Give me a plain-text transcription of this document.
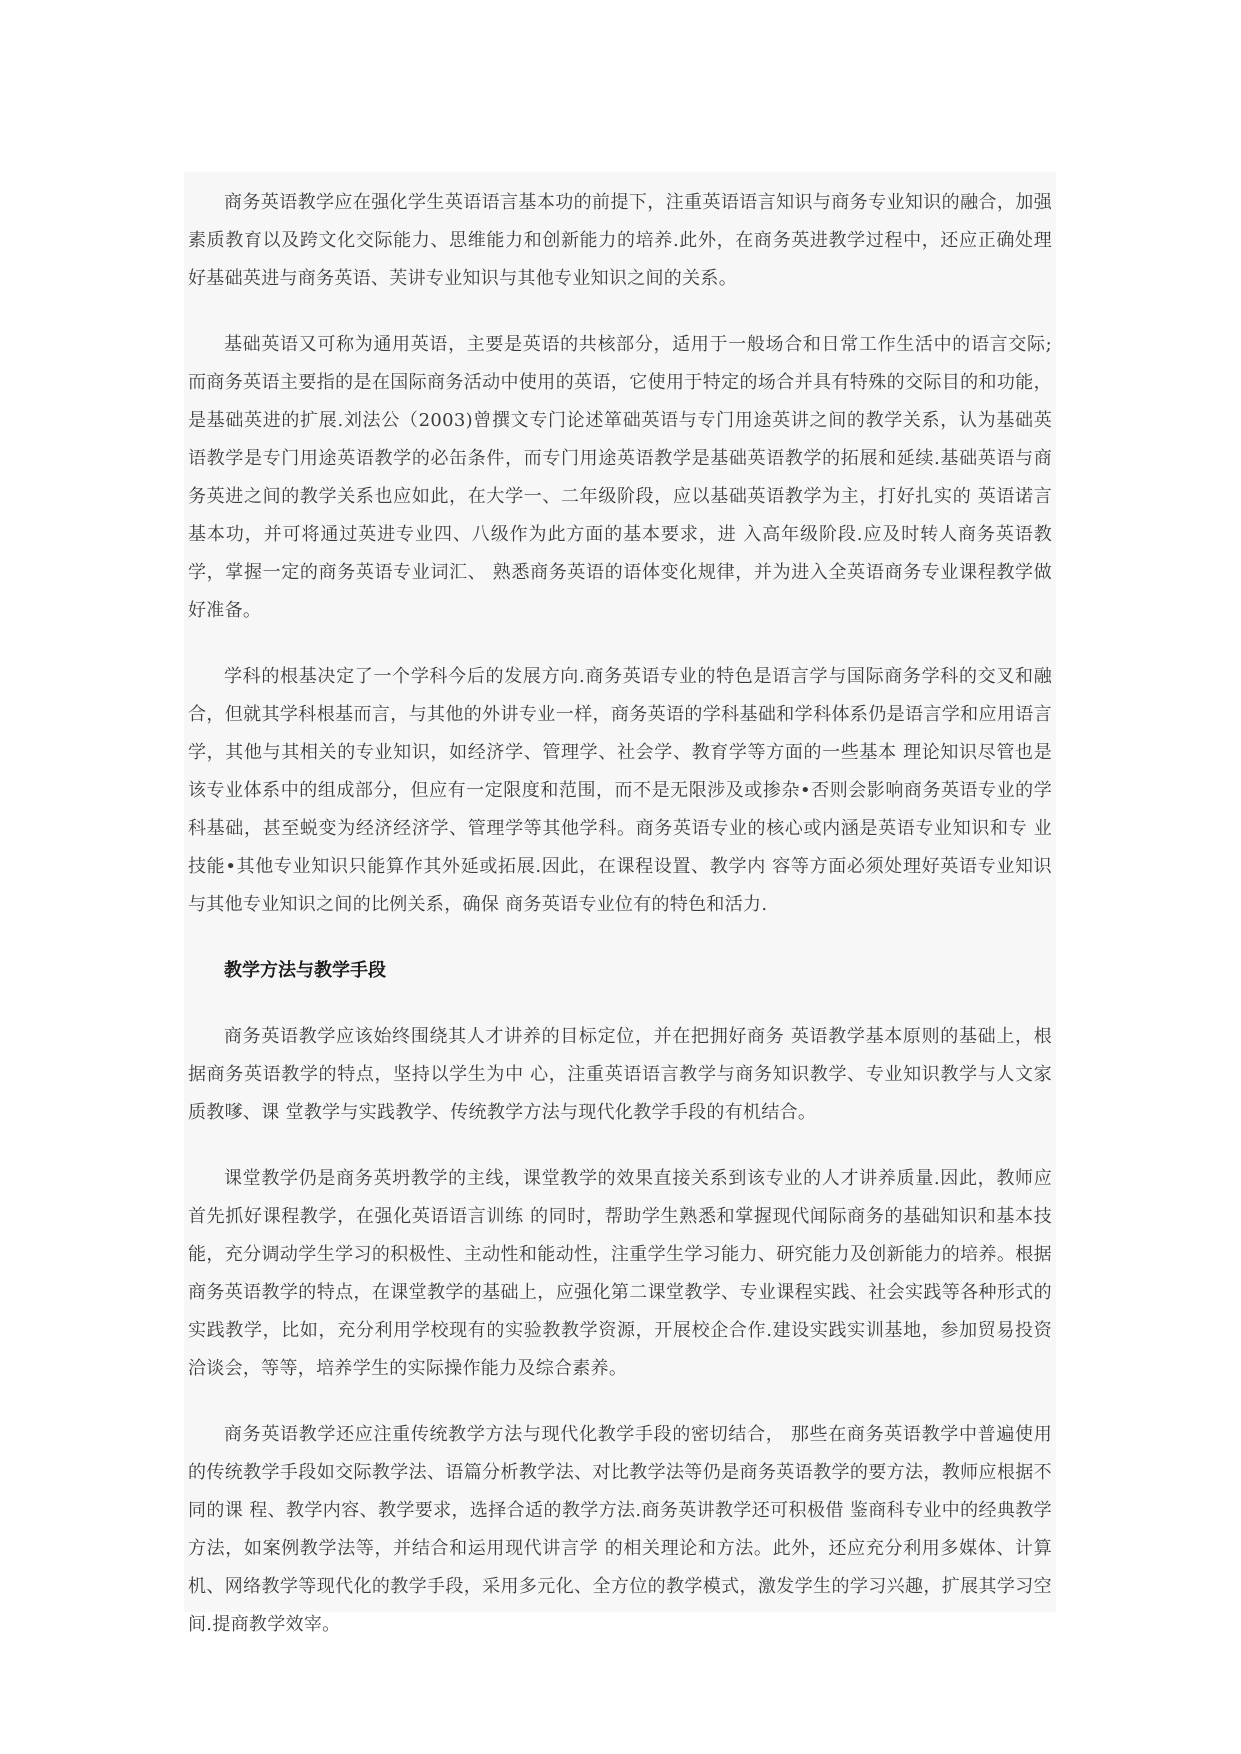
商务英语教学应在强化学生英语语言基本功的前提下，注重英语语言知识与商务专业知识的融合，加强素质教育以及跨文化交际能力、思维能力和创新能力的培养.此外，在商务英进教学过程中，还应正确处理好基础英进与商务英语、芙讲专业知识与其他专业知识之间的关系。

基础英语又可称为通用英语，主要是英语的共核部分，适用于一般场合和日常工作生活中的语言交际;而商务英语主要指的是在国际商务活动中使用的英语，它使用于特定的场合并具有特殊的交际目的和功能，是基础英进的扩展.刘法公（2003)曾撰文专门论述箪础英语与专门用途英讲之间的教学关系，认为基础英语教学是专门用途英语教学的必缶条件，而专门用途英语教学是基础英语教学的拓展和延续.基础英语与商务英进之间的教学关系也应如此，在大学一、二年级阶段，应以基础英语教学为主，打好扎实的 英语诺言基本功，并可将通过英进专业四、八级作为此方面的基本要求，进 入高年级阶段.应及时转人商务英语教学，掌握一定的商务英语专业词汇、 熟悉商务英语的语体变化规律，并为进入全英语商务专业课程教学做好准备。

学科的根基决定了一个学科今后的发展方向.商务英语专业的特色是语言学与国际商务学科的交叉和融合，但就其学科根基而言，与其他的外讲专业一样，商务英语的学科基础和学科体系仍是语言学和应用语言学，其他与其相关的专业知识，如经济学、管理学、社会学、教育学等方面的一些基本 理论知识尽管也是该专业体系中的组成部分，但应有一定限度和范围，而不是无限涉及或掺杂•否则会影响商务英语专业的学科基础，甚至蜕变为经济经济学、管理学等其他学科。商务英语专业的核心或内涵是英语专业知识和专 业技能•其他专业知识只能算作其外延或拓展.因此，在课程设置、教学内 容等方面必须处理好英语专业知识与其他专业知识之间的比例关系，确保 商务英语专业位有的特色和活力.

教学方法与教学手段

商务英语教学应该始终围绕其人才讲养的目标定位，并在把拥好商务 英语教学基本原则的基础上，根据商务英语教学的特点，坚持以学生为中 心，注重英语语言教学与商务知识教学、专业知识教学与人文家质教嗲、课 堂教学与实践教学、传统教学方法与现代化教学手段的有机结合。

课堂教学仍是商务英坍教学的主线，课堂教学的效果直接关系到该专业的人才讲养质量.因此，教师应首先抓好课程教学，在强化英语语言训练 的同时，帮助学生熟悉和掌握现代闻际商务的基础知识和基本技能，充分调动学生学习的积极性、主动性和能动性，注重学生学习能力、研究能力及创新能力的培养。根据商务英语教学的特点，在课堂教学的基础上，应强化第二课堂教学、专业课程实践、社会实践等各种形式的实践教学，比如，充分利用学校现有的实验教教学资源，开展校企合作.建设实践实训基地，参加贸易投资洽谈会，等等，培养学生的实际操作能力及综合素养。

商务英语教学还应注重传统教学方法与现代化教学手段的密切结合， 那些在商务英语教学中普遍使用的传统教学手段如交际教学法、语篇分析教学法、对比教学法等仍是商务英语教学的要方法，教师应根据不同的课 程、教学内容、教学要求，选择合适的教学方法.商务英讲教学还可积极借 鉴商科专业中的经典教学方法，如案例教学法等，并结合和运用现代讲言学 的相关理论和方法。此外，还应充分利用多媒体、计算机、网络教学等现代化的教学手段，采用多元化、全方位的教学模式，激发学生的学习兴趣，扩展其学习空间.提商教学效宰。
